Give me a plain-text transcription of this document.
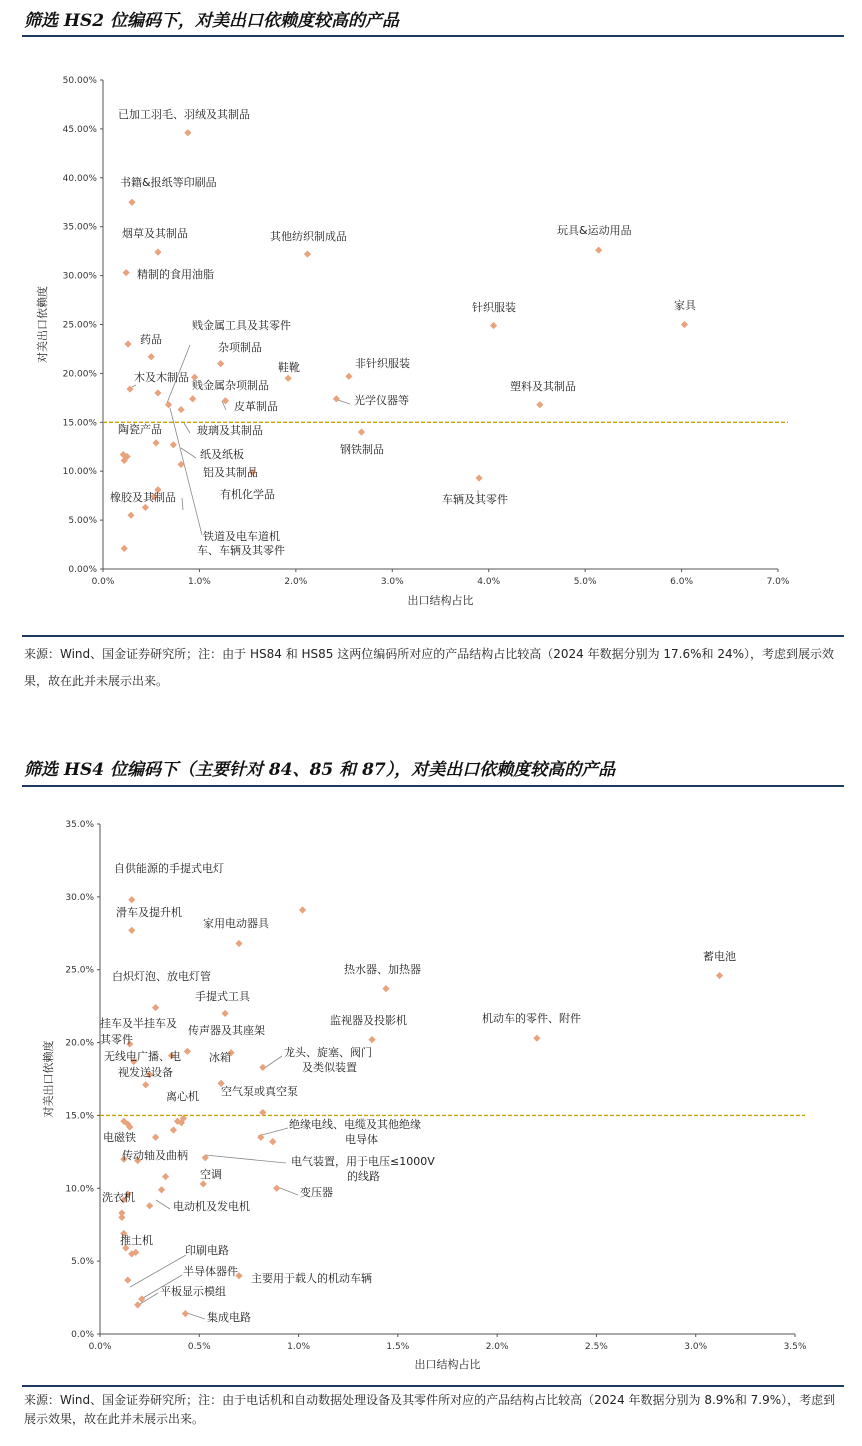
筛选 HS2 位编码下，对美出口依赖度较高的产品
0.00%
5.00%
10.00%
15.00%
20.00%
25.00%
30.00%
35.00%
40.00%
45.00%
50.00%
0.0%	1.0%	2.0%	3.0%	4.0%	5.0%	6.0%	7.0%
出口结构占比
对美出口依赖度
已加工羽毛、羽绒及其制品
书籍&报纸等印刷品
烟草及其制品
精制的食用油脂
其他纺织制成品	玩具&运动用品
针织服装	家具
药品
贱金属工具及其零件
杂项制品
鞋靴	非针织服装
木及木制品
贱金属杂项制品
皮革制品	光学仪器等
塑料及其制品
玻璃及其制品
陶瓷产品
钢铁制品
纸及纸板
铝及其制品
有机化学品
橡胶及其制品	车辆及其零件
铁道及电车道机
车、车辆及其零件
来源：Wind、国金证券研究所；注：由于 HS84 和 HS85 这两位编码所对应的产品结构占比较高（2024 年数据分别为 17.6%和 24%），考虑到展示效果，故在此并未展示出来。
筛选 HS4 位编码下（主要针对 84、85 和 87），对美出口依赖度较高的产品
0.0%
5.0%
10.0%
15.0%
20.0%
25.0%
30.0%
35.0%
0.0%	0.5%	1.0%	1.5%	2.0%	2.5%	3.0%	3.5%
出口结构占比
对美出口依赖度
自供能源的手提式电灯
滑车及提升机
家用电动器具
蓄电池
热水器、加热器
白炽灯泡、放电灯管
手提式工具
机动车的零件、附件
监视器及投影机
挂车及半挂车及
其零件
传声器及其座架
无线电广播、电
视发送设备
冰箱	龙头、旋塞、阀门
及类似装置
空气泵或真空泵
离心机
绝缘电线、电缆及其他绝缘
电导体
电磁铁
传动轴及曲柄	电气装置，用于电压≤1000V
的线路
空调
变压器
洗衣机
电动机及发电机
推土机
印刷电路
半导体器件
主要用于载人的机动车辆
平板显示模组
集成电路
来源：Wind、国金证券研究所；注：由于电话机和自动数据处理设备及其零件所对应的产品结构占比较高（2024 年数据分别为 8.9%和 7.9%），考虑到展示效果，故在此并未展示出来。
